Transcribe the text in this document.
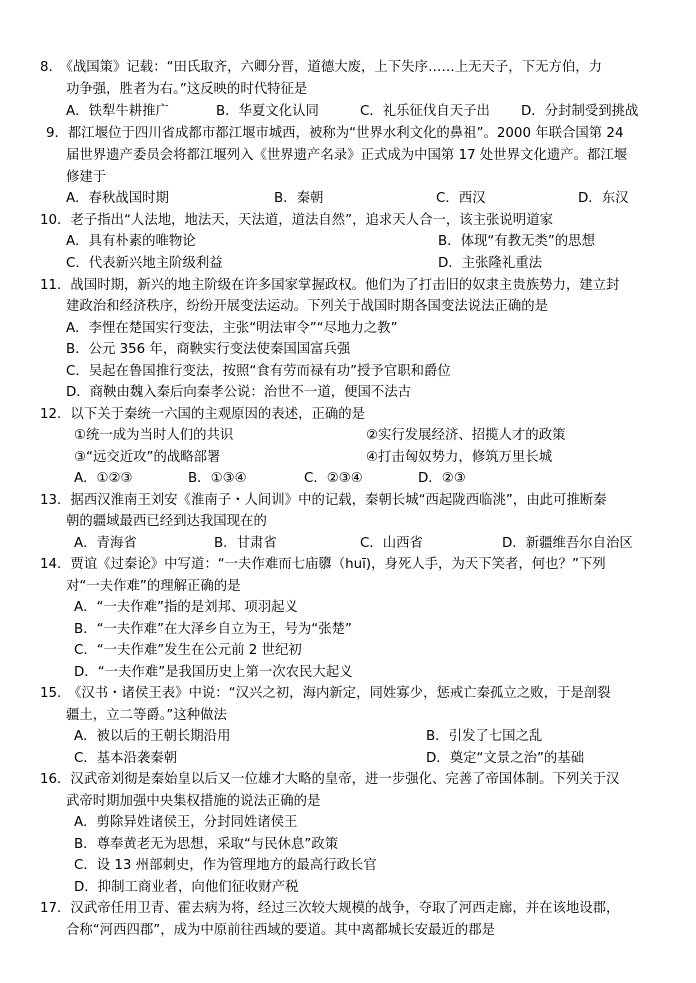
8.　《战国策》记载：“田氏取齐，六卿分晋，道德大废，上下失序……上无天子，下无方伯，力
功争强，胜者为右。”这反映的时代特征是
A．铁犁牛耕推广	B．华夏文化认同	C．礼乐征伐自天子出 D．分封制受到挑战
9．都江堰位于四川省成都市都江堰市城西，被称为“世界水利文化的鼻祖”。2000 年联合国第 24
届世界遗产委员会将都江堰列入《世界遗产名录》正式成为中国第 17 处世界文化遗产。都江堰
修建于
A．春秋战国时期	B．秦朝	C．西汉	D．东汉
10．老子指出“人法地，地法天，天法道，道法自然”，追求天人合一，该主张说明道家
A．具有朴素的唯物论	B．体现“有教无类”的思想
C．代表新兴地主阶级利益	D．主张隆礼重法
11．战国时期，新兴的地主阶级在许多国家掌握政权。他们为了打击旧的奴隶主贵族势力，建立封
建政治和经济秩序，纷纷开展变法运动。下列关于战国时期各国变法说法正确的是
A．李悝在楚国实行变法，主张“明法审令”“尽地力之教”
B．公元 356 年，商鞅实行变法使秦国国富兵强
C．吴起在鲁国推行变法，按照“食有劳而禄有功”授予官职和爵位
D．商鞅由魏入秦后向秦孝公说：治世不一道，便国不法古
12．以下关于秦统一六国的主观原因的表述，正确的是
①统一成为当时人们的共识	②实行发展经济、招揽人才的政策
③“远交近攻”的战略部署	④打击匈奴势力，修筑万里长城
A．①②③	B．①③④	C．②③④	D．②③
13．据西汉淮南王刘安《淮南子・人间训》中的记载，秦朝长城“西起陇西临洮”，由此可推断秦
朝的疆域最西已经到达我国现在的
A．青海省	B．甘肃省	C．山西省	D．新疆维吾尔自治区
14．贾谊《过秦论》中写道：“一夫作难而七庙隳（huī)，身死人手，为天下笑者，何也？”下列
对“一夫作难”的理解正确的是
A．“一夫作难”指的是刘邦、项羽起义
B．“一夫作难”在大泽乡自立为王，号为“张楚”
C．“一夫作难”发生在公元前 2 世纪初
D．“一夫作难”是我国历史上第一次农民大起义
15.　《汉书・诸侯王表》中说：“汉兴之初，海内新定，同姓寡少，惩戒亡秦孤立之败，于是剖裂
疆土，立二等爵。”这种做法
A．被以后的王朝长期沿用	B．引发了七国之乱
C．基本沿袭秦朝	D．奠定“文景之治”的基础
16．汉武帝刘彻是秦始皇以后又一位雄才大略的皇帝，进一步强化、完善了帝国体制。下列关于汉
武帝时期加强中央集权措施的说法正确的是
A．剪除异姓诸侯王，分封同姓诸侯王
B．尊奉黄老无为思想，采取“与民休息”政策
C．设 13 州部刺史，作为管理地方的最高行政长官
D．抑制工商业者，向他们征收财产税
17．汉武帝任用卫青、霍去病为将，经过三次较大规模的战争，夺取了河西走廊，并在该地设郡，
合称“河西四郡”，成为中原前往西域的要道。其中离都城长安最近的郡是
